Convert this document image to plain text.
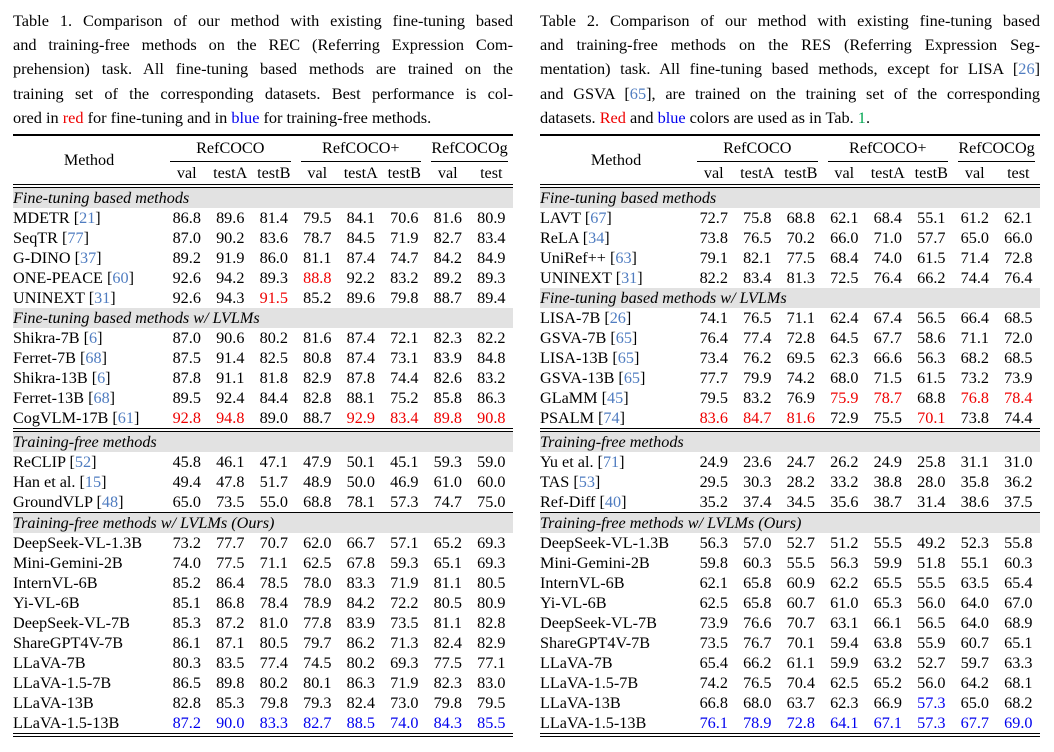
Table 1. Comparison of our method with existing fine-tuning based
and training-free methods on the REC (Referring Expression Com-
prehension) task. All fine-tuning based methods are trained on the
training set of the corresponding datasets. Best performance is col-
ored in red for fine-tuning and in blue for training-free methods.
Method	RefCOCO			RefCOCO+			RefCOCOg	

	val	testA	testB	val	testA	testB	val	test
Fine-tuning based methods								
MDETR [21]	86.8	89.6	81.4	79.5	84.1	70.6	81.6	80.9
SeqTR [77]	87.0	90.2	83.6	78.7	84.5	71.9	82.7	83.4
G-DINO [37]	89.2	91.9	86.0	81.1	87.4	74.7	84.2	84.9
ONE-PEACE [60]	92.6	94.2	89.3	88.8	92.2	83.2	89.2	89.3
UNINEXT [31]	92.6	94.3	91.5	85.2	89.6	79.8	88.7	89.4
Fine-tuning based methods w/ LVLMs								
Shikra-7B [6]	87.0	90.6	80.2	81.6	87.4	72.1	82.3	82.2
Ferret-7B [68]	87.5	91.4	82.5	80.8	87.4	73.1	83.9	84.8
Shikra-13B [6]	87.8	91.1	81.8	82.9	87.8	74.4	82.6	83.2
Ferret-13B [68]	89.5	92.4	84.4	82.8	88.1	75.2	85.8	86.3
CogVLM-17B [61]	92.8	94.8	89.0	88.7	92.9	83.4	89.8	90.8
Training-free methods								
ReCLIP [52]	45.8	46.1	47.1	47.9	50.1	45.1	59.3	59.0
Han et al. [15]	49.4	47.8	51.7	48.9	50.0	46.9	61.0	60.0
GroundVLP [48]	65.0	73.5	55.0	68.8	78.1	57.3	74.7	75.0
Training-free methods w/ LVLMs (Ours)								
DeepSeek-VL-1.3B	73.2	77.7	70.7	62.0	66.7	57.1	65.2	69.3
Mini-Gemini-2B	74.0	77.5	71.1	62.5	67.8	59.3	65.1	69.3
InternVL-6B	85.2	86.4	78.5	78.0	83.3	71.9	81.1	80.5
Yi-VL-6B	85.1	86.8	78.4	78.9	84.2	72.2	80.5	80.9
DeepSeek-VL-7B	85.3	87.2	81.0	77.8	83.9	73.5	81.1	82.8
ShareGPT4V-7B	86.1	87.1	80.5	79.7	86.2	71.3	82.4	82.9
LLaVA-7B	80.3	83.5	77.4	74.5	80.2	69.3	77.5	77.1
LLaVA-1.5-7B	86.5	89.8	80.2	80.1	86.3	71.9	82.3	83.0
LLaVA-13B	82.8	85.3	79.8	79.3	82.4	73.0	79.8	79.5
LLaVA-1.5-13B	87.2	90.0	83.3	82.7	88.5	74.0	84.3	85.5
Table 2. Comparison of our method with existing fine-tuning based
and training-free methods on the RES (Referring Expression Seg-
mentation) task. All fine-tuning based methods, except for LISA [26]
and GSVA [65], are trained on the training set of the corresponding
datasets. Red and blue colors are used as in Tab. 1.
Method	RefCOCO			RefCOCO+			RefCOCOg	

	val	testA	testB	val	testA	testB	val	test
Fine-tuning based methods								
LAVT [67]	72.7	75.8	68.8	62.1	68.4	55.1	61.2	62.1
ReLA [34]	73.8	76.5	70.2	66.0	71.0	57.7	65.0	66.0
UniRef++ [63]	79.1	82.1	77.5	68.4	74.0	61.5	71.4	72.8
UNINEXT [31]	82.2	83.4	81.3	72.5	76.4	66.2	74.4	76.4
Fine-tuning based methods w/ LVLMs								
LISA-7B [26]	74.1	76.5	71.1	62.4	67.4	56.5	66.4	68.5
GSVA-7B [65]	76.4	77.4	72.8	64.5	67.7	58.6	71.1	72.0
LISA-13B [65]	73.4	76.2	69.5	62.3	66.6	56.3	68.2	68.5
GSVA-13B [65]	77.7	79.9	74.2	68.0	71.5	61.5	73.2	73.9
GLaMM [45]	79.5	83.2	76.9	75.9	78.7	68.8	76.8	78.4
PSALM [74]	83.6	84.7	81.6	72.9	75.5	70.1	73.8	74.4
Training-free methods								
Yu et al. [71]	24.9	23.6	24.7	26.2	24.9	25.8	31.1	31.0
TAS [53]	29.5	30.3	28.2	33.2	38.8	28.0	35.8	36.2
Ref-Diff [40]	35.2	37.4	34.5	35.6	38.7	31.4	38.6	37.5
Training-free methods w/ LVLMs (Ours)								
DeepSeek-VL-1.3B	56.3	57.0	52.7	51.2	55.5	49.2	52.3	55.8
Mini-Gemini-2B	59.8	60.3	55.5	56.3	59.9	51.8	55.1	60.3
InternVL-6B	62.1	65.8	60.9	62.2	65.5	55.5	63.5	65.4
Yi-VL-6B	62.5	65.8	60.7	61.0	65.3	56.0	64.0	67.0
DeepSeek-VL-7B	73.9	76.6	70.7	63.1	66.1	56.5	64.0	68.9
ShareGPT4V-7B	73.5	76.7	70.1	59.4	63.8	55.9	60.7	65.1
LLaVA-7B	65.4	66.2	61.1	59.9	63.2	52.7	59.7	63.3
LLaVA-1.5-7B	74.2	76.5	70.4	62.5	65.2	56.0	64.2	68.1
LLaVA-13B	66.8	68.0	63.7	62.3	66.9	57.3	65.0	68.2
LLaVA-1.5-13B	76.1	78.9	72.8	64.1	67.1	57.3	67.7	69.0
